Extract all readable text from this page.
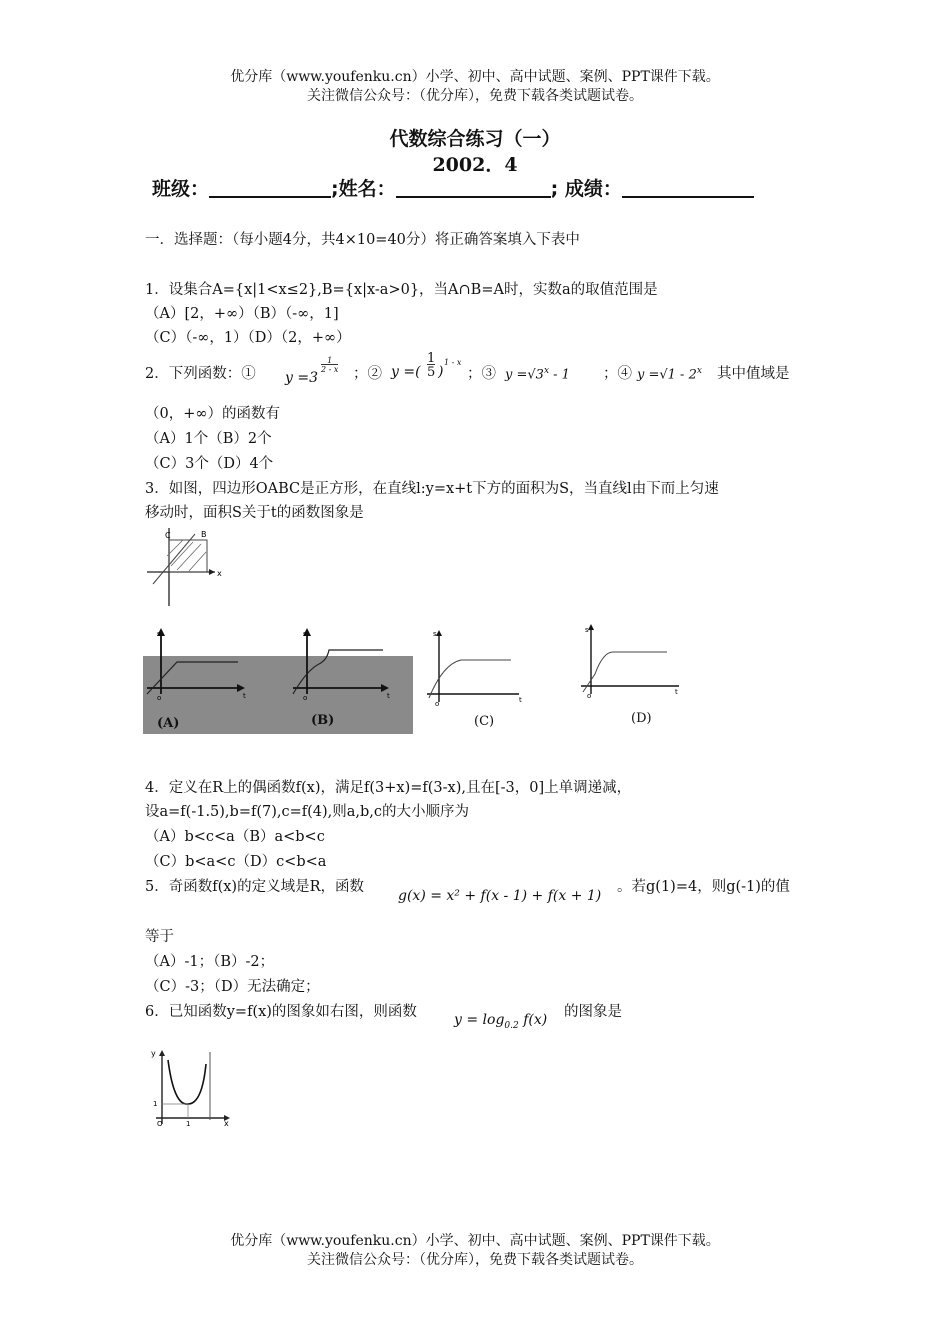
优分库（www.youfenku.cn）小学、初中、高中试题、案例、PPT课件下载。
关注微信公众号：（优分库），免费下载各类试题试卷。
代数综合练习（一）
2002．4
班级：	;姓名：	; 成绩：
一．选择题：（每小题4分，共4×10=40分）将正确答案填入下表中
1．设集合A={x|1<x≤2},B={x|x-a>0}，当A∩B=A时，实数a的取值范围是
（A）[2，+∞）（B）（-∞，1]
（C）（-∞，1）（D）（2，+∞）
2．下列函数：① y =3
1
2 - x ；② y =(
1
5 )
1 - x
；③ $y =√3^x - 1$ ；④ y =√1 - 2$^x$ 其中值域是
（0，+∞）的函数有
（A）1个（B）2个
（C）3个（D）4个
3．如图，四边形OABC是正方形，在直线l:y=x+t下方的面积为S，当直线l由下而上匀速
移动时，面积S关于t的函数图象是
C	B
x
o
s
t	o
s
t
o
s
t	o
s
t
(A)	(B)	(C)	(D)
4．定义在R上的偶函数f(x)，满足f(3+x)=f(3-x),且在[-3，0]上单调递减，
设a=f(-1.5),b=f(7),c=f(4),则a,b,c的大小顺序为
（A）b<c<a（B）a<b<c
（C）b<a<c（D）c<b<a
5．奇函数f(x)的定义域是R，函数
g(x) = x² + f(x - 1) + f(x + 1)
。若g(1)=4，则g(-1)的值
等于
（A）-1；（B）-2；
（C）-3；（D）无法确定；
6．已知函数y=f(x)的图象如右图，则函数	$y = \log_{0.2} f(x)$ 的图象是
y
1
O	1	x
优分库（www.youfenku.cn）小学、初中、高中试题、案例、PPT课件下载。
关注微信公众号：（优分库），免费下载各类试题试卷。
